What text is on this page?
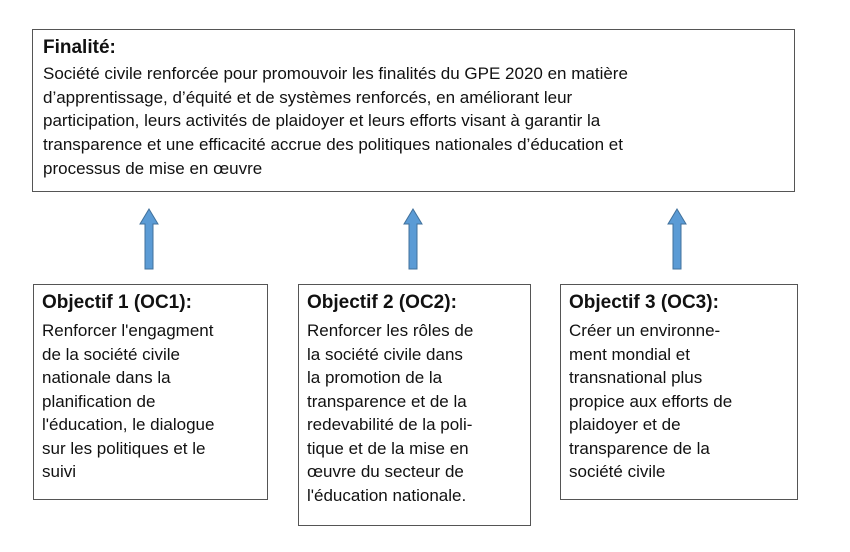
Finalité:

Société civile renforcée pour promouvoir les finalités du GPE 2020 en matière
d’apprentissage, d’équité et de systèmes renforcés, en améliorant leur
participation, leurs activités de plaidoyer et leurs efforts visant à garantir la
transparence et une efficacité accrue des politiques nationales d’éducation et
processus de mise en œuvre

Objectif 1 (OC1):

Renforcer l'engagment
de la société civile
nationale dans la
planification de
l'éducation, le dialogue
sur les politiques et le
suivi

Objectif 2 (OC2):

Renforcer les rôles de
la société civile dans
la promotion de la
transparence et de la
redevabilité de la poli-
tique et de la mise en
œuvre du secteur de
l'éducation nationale.

Objectif 3 (OC3):

Créer un environne-
ment mondial et
transnational plus
propice aux efforts de
plaidoyer et de
transparence de la
société civile
